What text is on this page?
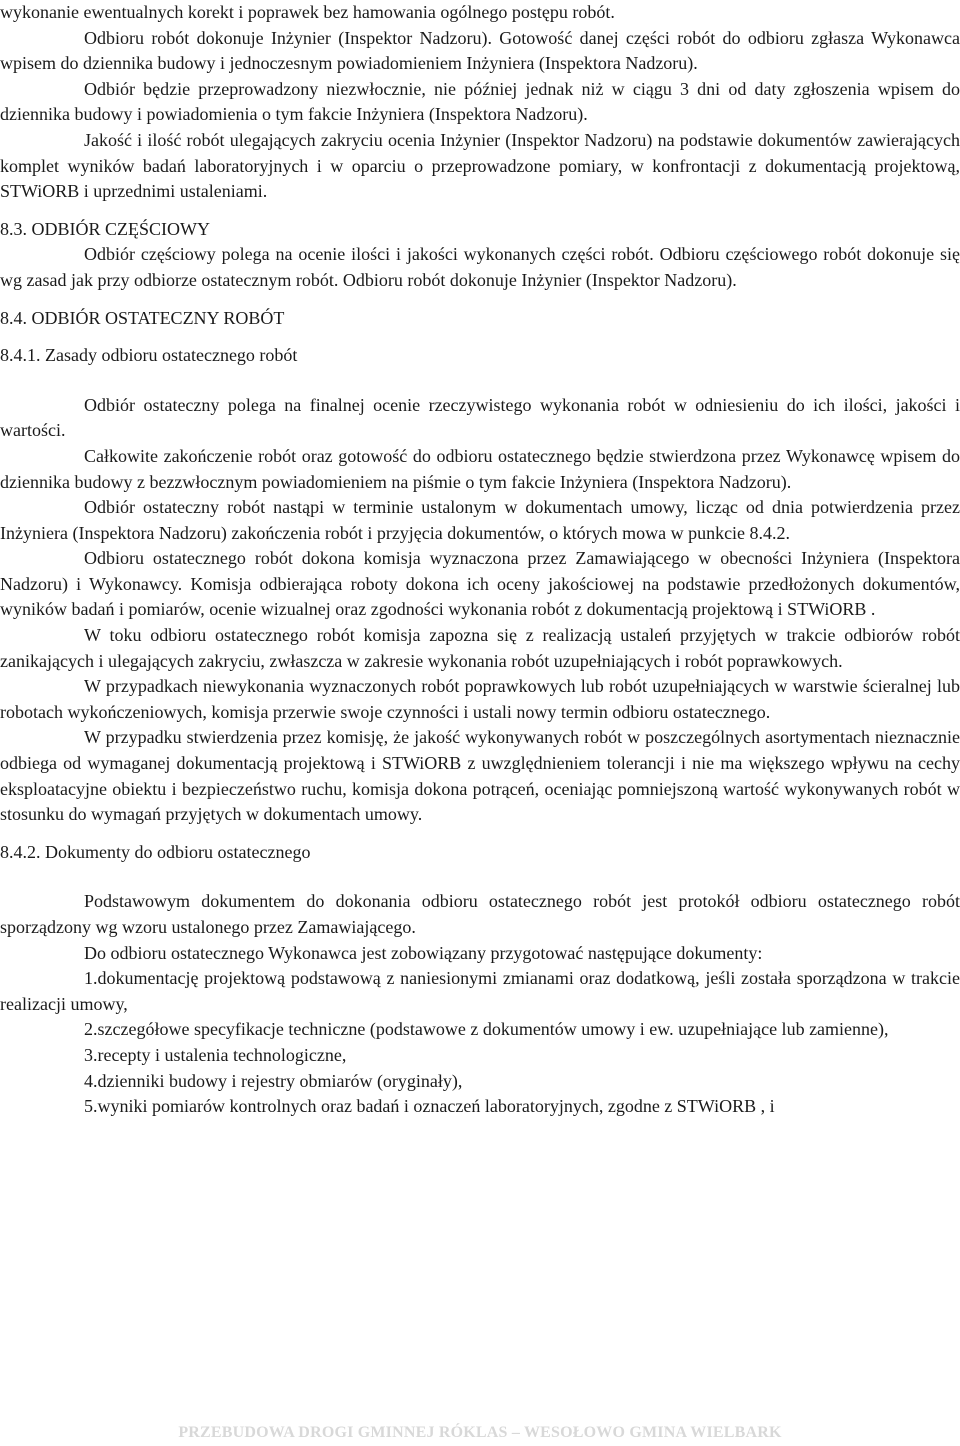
wykonanie ewentualnych korekt i poprawek bez hamowania ogólnego postępu robót.

Odbioru robót dokonuje Inżynier (Inspektor Nadzoru). Gotowość danej części robót do odbioru zgłasza Wykonawca wpisem do dziennika budowy i jednoczesnym powiadomieniem Inżyniera (Inspektora Nadzoru).

Odbiór będzie przeprowadzony niezwłocznie, nie później jednak niż w ciągu 3 dni od daty zgłoszenia wpisem do dziennika budowy i powiadomienia o tym fakcie Inżyniera (Inspektora Nadzoru).

Jakość i ilość robót ulegających zakryciu ocenia Inżynier (Inspektor Nadzoru) na podstawie dokumentów zawierających komplet wyników badań laboratoryjnych i w oparciu o przeprowadzone pomiary, w konfrontacji z dokumentacją projektową, STWiORB i uprzednimi ustaleniami.

8.3. ODBIÓR CZĘŚCIOWY

Odbiór częściowy polega na ocenie ilości i jakości wykonanych części robót. Odbioru częściowego robót dokonuje się wg zasad jak przy odbiorze ostatecznym robót. Odbioru robót dokonuje Inżynier (Inspektor Nadzoru).

8.4. ODBIÓR OSTATECZNY ROBÓT

8.4.1. Zasady odbioru ostatecznego robót

Odbiór ostateczny polega na finalnej ocenie rzeczywistego wykonania robót w odniesieniu do ich ilości, jakości i wartości.

Całkowite zakończenie robót oraz gotowość do odbioru ostatecznego będzie stwierdzona przez Wykonawcę wpisem do dziennika budowy z bezzwłocznym powiadomieniem na piśmie o tym fakcie Inżyniera (Inspektora Nadzoru).

Odbiór ostateczny robót nastąpi w terminie ustalonym w dokumentach umowy, licząc od dnia potwierdzenia przez Inżyniera (Inspektora Nadzoru) zakończenia robót i przyjęcia dokumentów, o których mowa w punkcie 8.4.2.

Odbioru ostatecznego robót dokona komisja wyznaczona przez Zamawiającego w obecności Inżyniera (Inspektora Nadzoru) i Wykonawcy. Komisja odbierająca roboty dokona ich oceny jakościowej na podstawie przedłożonych dokumentów, wyników badań i pomiarów, ocenie wizualnej oraz zgodności wykonania robót z dokumentacją projektową i STWiORB .

W toku odbioru ostatecznego robót komisja zapozna się z realizacją ustaleń przyjętych w trakcie odbiorów robót zanikających i ulegających zakryciu, zwłaszcza w zakresie wykonania robót uzupełniających i robót poprawkowych.

W przypadkach niewykonania wyznaczonych robót poprawkowych lub robót uzupełniających w warstwie ścieralnej lub robotach wykończeniowych, komisja przerwie swoje czynności i ustali nowy termin odbioru ostatecznego.

W przypadku stwierdzenia przez komisję, że jakość wykonywanych robót w poszczególnych asortymentach nieznacznie odbiega od wymaganej dokumentacją projektową i STWiORB z uwzględnieniem tolerancji i nie ma większego wpływu na cechy eksploatacyjne obiektu i bezpieczeństwo ruchu, komisja dokona potrąceń, oceniając pomniejszoną wartość wykonywanych robót w stosunku do wymagań przyjętych w dokumentach umowy.

8.4.2. Dokumenty do odbioru ostatecznego

Podstawowym dokumentem do dokonania odbioru ostatecznego robót jest protokół odbioru ostatecznego robót sporządzony wg wzoru ustalonego przez Zamawiającego.

Do odbioru ostatecznego Wykonawca jest zobowiązany przygotować następujące dokumenty:

1.dokumentację projektową podstawową z naniesionymi zmianami oraz dodatkową, jeśli została sporządzona w trakcie realizacji umowy,

2.szczegółowe specyfikacje techniczne (podstawowe z dokumentów umowy i ew. uzupełniające lub zamienne),

3.recepty i ustalenia technologiczne,

4.dzienniki budowy i rejestry obmiarów (oryginały),

5.wyniki pomiarów kontrolnych oraz badań i oznaczeń laboratoryjnych, zgodne z STWiORB , i

PRZEBUDOWA DROGI GMINNEJ RÓKLAS – WESOŁOWO GMINA WIELBARK
